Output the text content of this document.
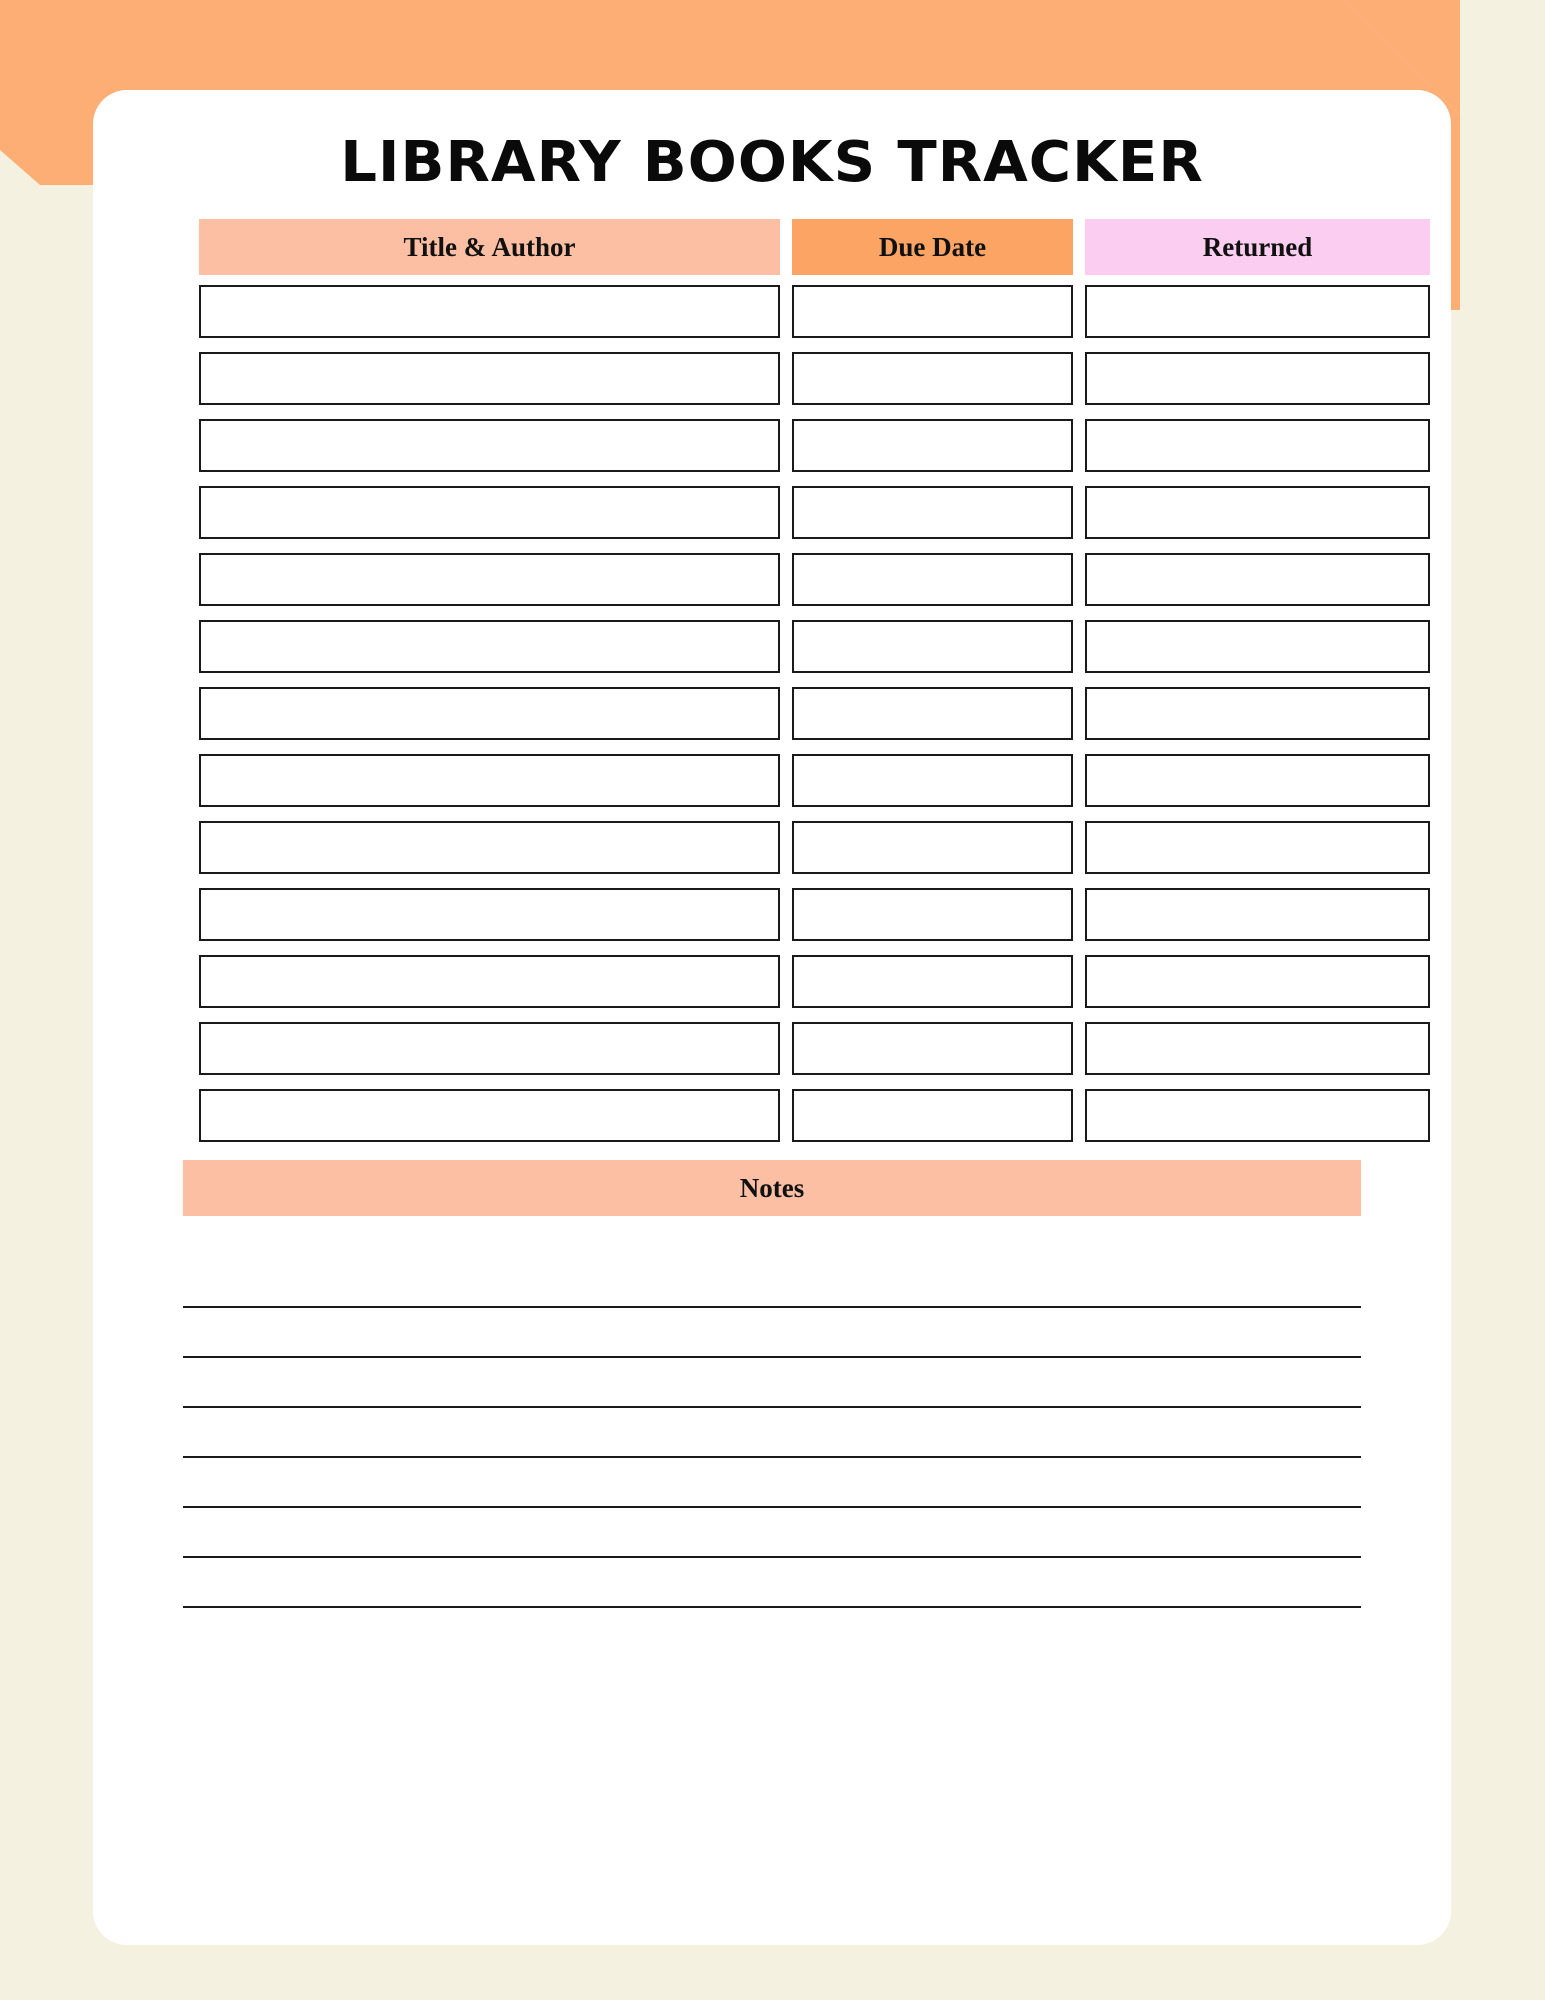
LIBRARY BOOKS TRACKER
Title & Author	Due Date	Returned
Notes
